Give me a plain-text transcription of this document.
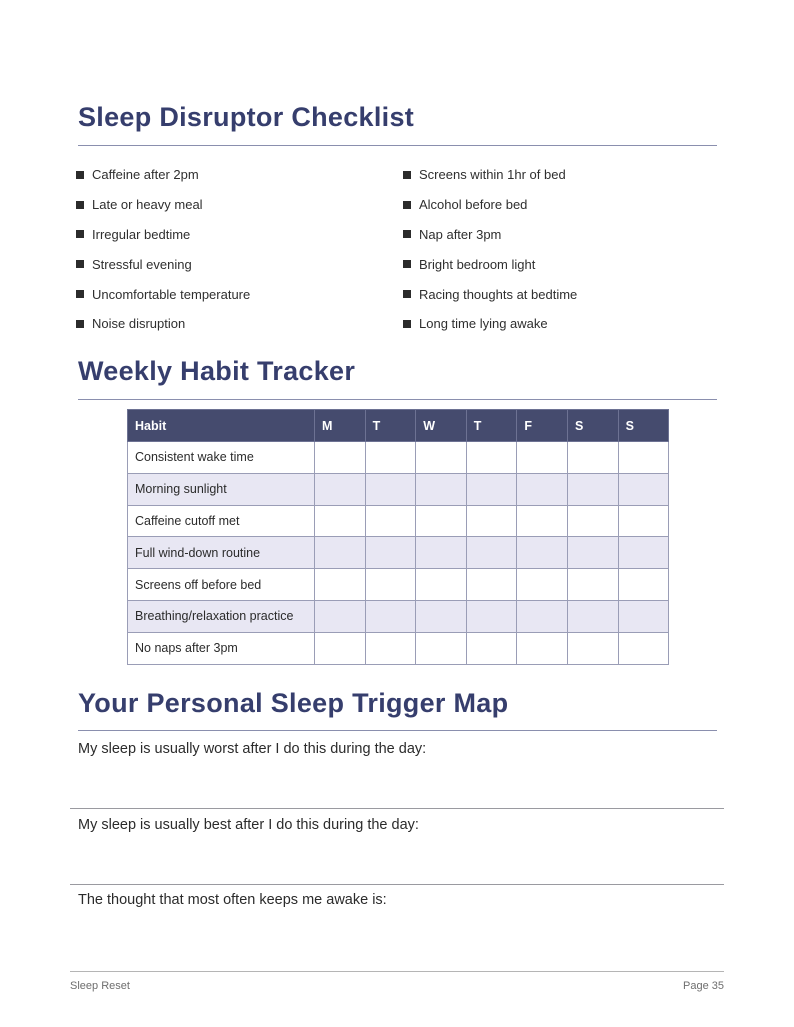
Sleep Disruptor Checklist
Caffeine after 2pm
Late or heavy meal
Irregular bedtime
Stressful evening
Uncomfortable temperature
Noise disruption
Screens within 1hr of bed
Alcohol before bed
Nap after 3pm
Bright bedroom light
Racing thoughts at bedtime
Long time lying awake
Weekly Habit Tracker
Habit	M	T	W	T	F	S	S
Consistent wake time							
Morning sunlight							
Caffeine cutoff met							
Full wind-down routine							
Screens off before bed							
Breathing/relaxation practice							
No naps after 3pm							
Your Personal Sleep Trigger Map
My sleep is usually worst after I do this during the day:
My sleep is usually best after I do this during the day:
The thought that most often keeps me awake is:
Sleep Reset	Page 35
